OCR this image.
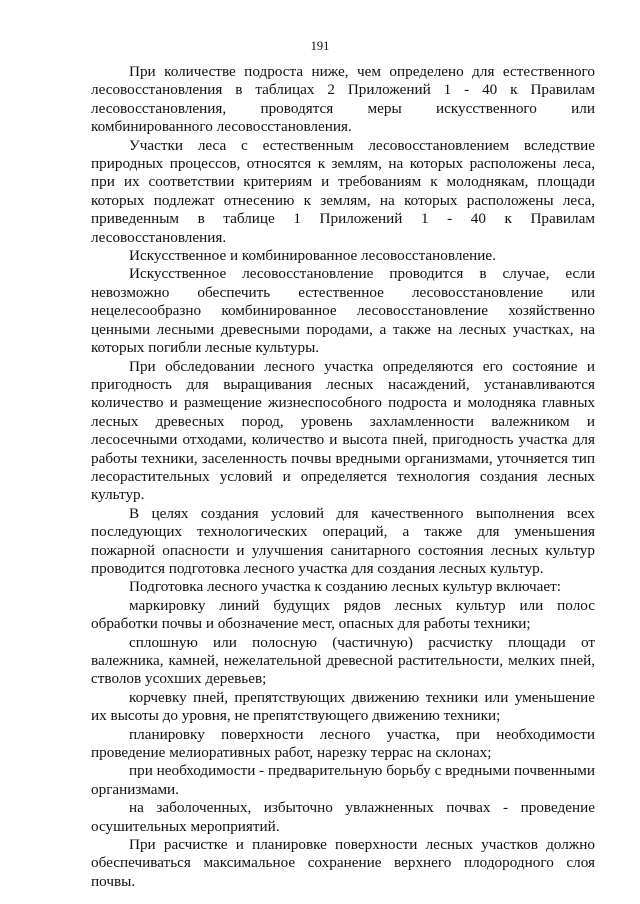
191

При количестве подроста ниже, чем определено для естественного лесовосстановления в таблицах 2 Приложений 1 - 40 к Правилам лесовосстановления, проводятся меры искусственного или комбинированного лесовосстановления.

Участки леса с естественным лесовосстановлением вследствие природных процессов, относятся к землям, на которых расположены леса, при их соответствии критериям и требованиям к молоднякам, площади которых подлежат отнесению к землям, на которых расположены леса, приведенным в таблице 1 Приложений 1 - 40 к Правилам лесовосстановления.

Искусственное и комбинированное лесовосстановление.

Искусственное лесовосстановление проводится в случае, если невозможно обеспечить естественное лесовосстановление или нецелесообразно комбинированное лесовосстановление хозяйственно ценными лесными древесными породами, а также на лесных участках, на которых погибли лесные культуры.

При обследовании лесного участка определяются его состояние и пригодность для выращивания лесных насаждений, устанавливаются количество и размещение жизнеспособного подроста и молодняка главных лесных древесных пород, уровень захламленности валежником и лесосечными отходами, количество и высота пней, пригодность участка для работы техники, заселенность почвы вредными организмами, уточняется тип лесорастительных условий и определяется технология создания лесных культур.

В целях создания условий для качественного выполнения всех последующих технологических операций, а также для уменьшения пожарной опасности и улучшения санитарного состояния лесных культур проводится подготовка лесного участка для создания лесных культур.

Подготовка лесного участка к созданию лесных культур включает:

маркировку линий будущих рядов лесных культур или полос обработки почвы и обозначение мест, опасных для работы техники;

сплошную или полосную (частичную) расчистку площади от валежника, камней, нежелательной древесной растительности, мелких пней, стволов усохших деревьев;

корчевку пней, препятствующих движению техники или уменьшение их высоты до уровня, не препятствующего движению техники;

планировку поверхности лесного участка, при необходимости проведение мелиоративных работ, нарезку террас на склонах;

при необходимости - предварительную борьбу с вредными почвенными организмами.

на заболоченных, избыточно увлажненных почвах - проведение осушительных мероприятий.

При расчистке и планировке поверхности лесных участков должно обеспечиваться максимальное сохранение верхнего плодородного слоя почвы.
